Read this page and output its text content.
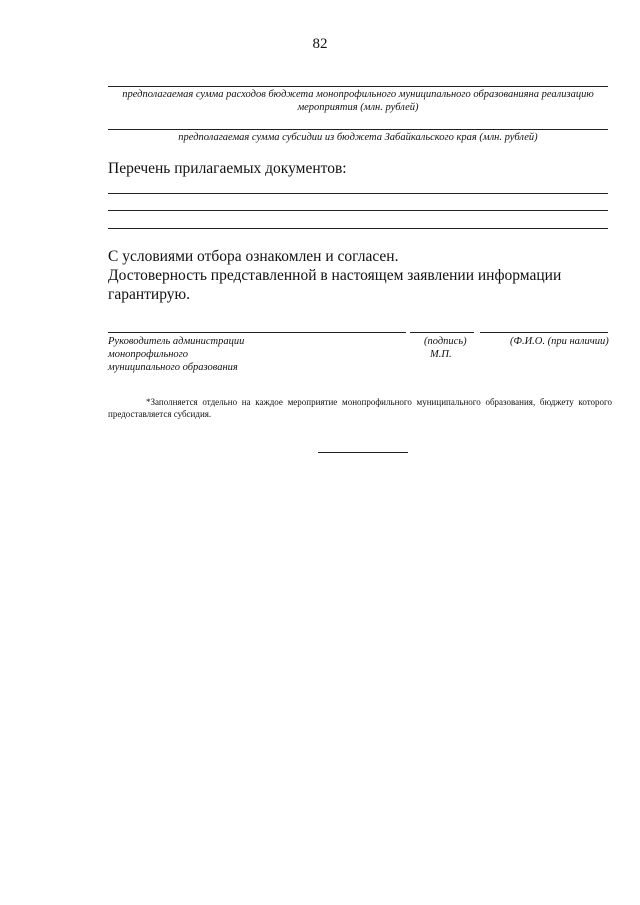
82
предполагаемая сумма расходов бюджета монопрофильного муниципального образованияна реализацию мероприятия (млн. рублей)
предполагаемая сумма субсидии из бюджета Забайкальского края (млн. рублей)
Перечень прилагаемых документов:
С условиями отбора ознакомлен и согласен.
Достоверность представленной в настоящем заявлении информации гарантирую.
Руководитель администрации
монопрофильного
муниципального образования
(подпись)
М.П.
(Ф.И.О. (при наличии)
*Заполняется отдельно на каждое мероприятие монопрофильного муниципального образования, бюджету которого предоставляется субсидия.
